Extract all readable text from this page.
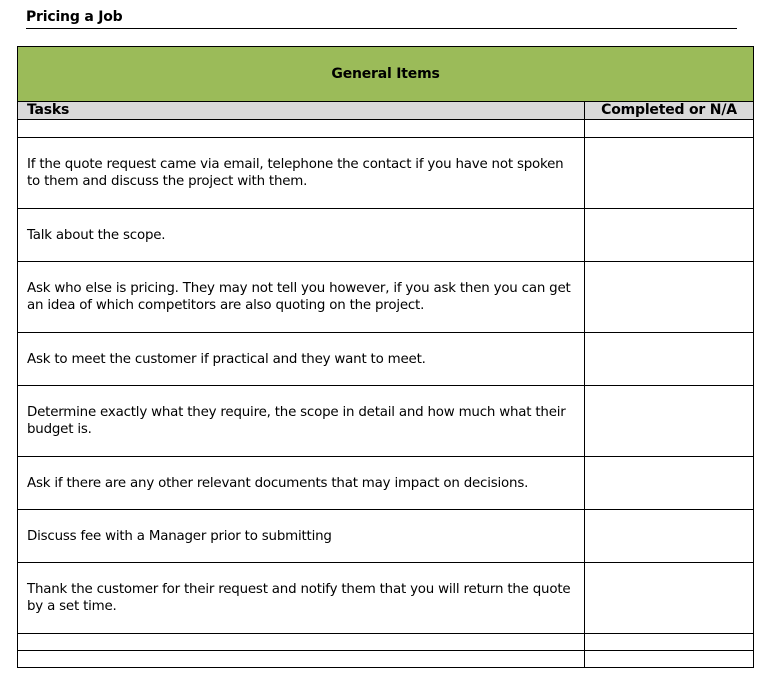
Pricing a Job
General Items	
Tasks	Completed or N/A

If the quote request came via email, telephone the contact if you have not spoken to them and discuss the project with them.	
Talk about the scope.	
Ask who else is pricing. They may not tell you however, if you ask then you can get an idea of which competitors are also quoting on the project.	
Ask to meet the customer if practical and they want to meet.	
Determine exactly what they require, the scope in detail and how much what their budget is.	
Ask if there are any other relevant documents that may impact on decisions.	
Discuss fee with a Manager prior to submitting	
Thank the customer for their request and notify them that you will return the quote by a set time.	
